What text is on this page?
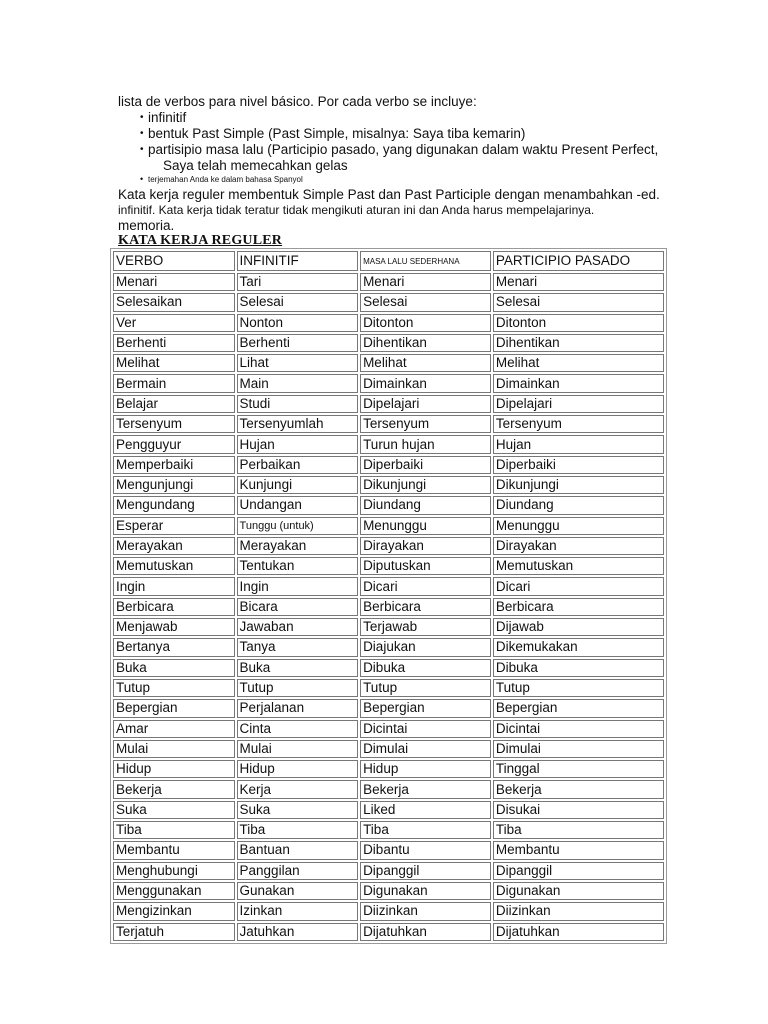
lista de verbos para nivel básico. Por cada verbo se incluye:
• infinitif
• bentuk Past Simple (Past Simple, misalnya: Saya tiba kemarin)
• partisipio masa lalu (Participio pasado, yang digunakan dalam waktu Present Perfect,
Saya telah memecahkan gelas
• terjemahan Anda ke dalam bahasa Spanyol
Kata kerja reguler membentuk Simple Past dan Past Participle dengan menambahkan -ed.
infinitif. Kata kerja tidak teratur tidak mengikuti aturan ini dan Anda harus mempelajarinya.
memoria.
KATA KERJA REGULER
VERBO	INFINITIF	MASA LALU SEDERHANA	PARTICIPIO PASADO
Menari	Tari	Menari	Menari
Selesaikan	Selesai	Selesai	Selesai
Ver	Nonton	Ditonton	Ditonton
Berhenti	Berhenti	Dihentikan	Dihentikan
Melihat	Lihat	Melihat	Melihat
Bermain	Main	Dimainkan	Dimainkan
Belajar	Studi	Dipelajari	Dipelajari
Tersenyum	Tersenyumlah	Tersenyum	Tersenyum
Pengguyur	Hujan	Turun hujan	Hujan
Memperbaiki	Perbaikan	Diperbaiki	Diperbaiki
Mengunjungi	Kunjungi	Dikunjungi	Dikunjungi
Mengundang	Undangan	Diundang	Diundang
Esperar	Tunggu (untuk)	Menunggu	Menunggu
Merayakan	Merayakan	Dirayakan	Dirayakan
Memutuskan	Tentukan	Diputuskan	Memutuskan
Ingin	Ingin	Dicari	Dicari
Berbicara	Bicara	Berbicara	Berbicara
Menjawab	Jawaban	Terjawab	Dijawab
Bertanya	Tanya	Diajukan	Dikemukakan
Buka	Buka	Dibuka	Dibuka
Tutup	Tutup	Tutup	Tutup
Bepergian	Perjalanan	Bepergian	Bepergian
Amar	Cinta	Dicintai	Dicintai
Mulai	Mulai	Dimulai	Dimulai
Hidup	Hidup	Hidup	Tinggal
Bekerja	Kerja	Bekerja	Bekerja
Suka	Suka	Liked	Disukai
Tiba	Tiba	Tiba	Tiba
Membantu	Bantuan	Dibantu	Membantu
Menghubungi	Panggilan	Dipanggil	Dipanggil
Menggunakan	Gunakan	Digunakan	Digunakan
Mengizinkan	Izinkan	Diizinkan	Diizinkan
Terjatuh	Jatuhkan	Dijatuhkan	Dijatuhkan
